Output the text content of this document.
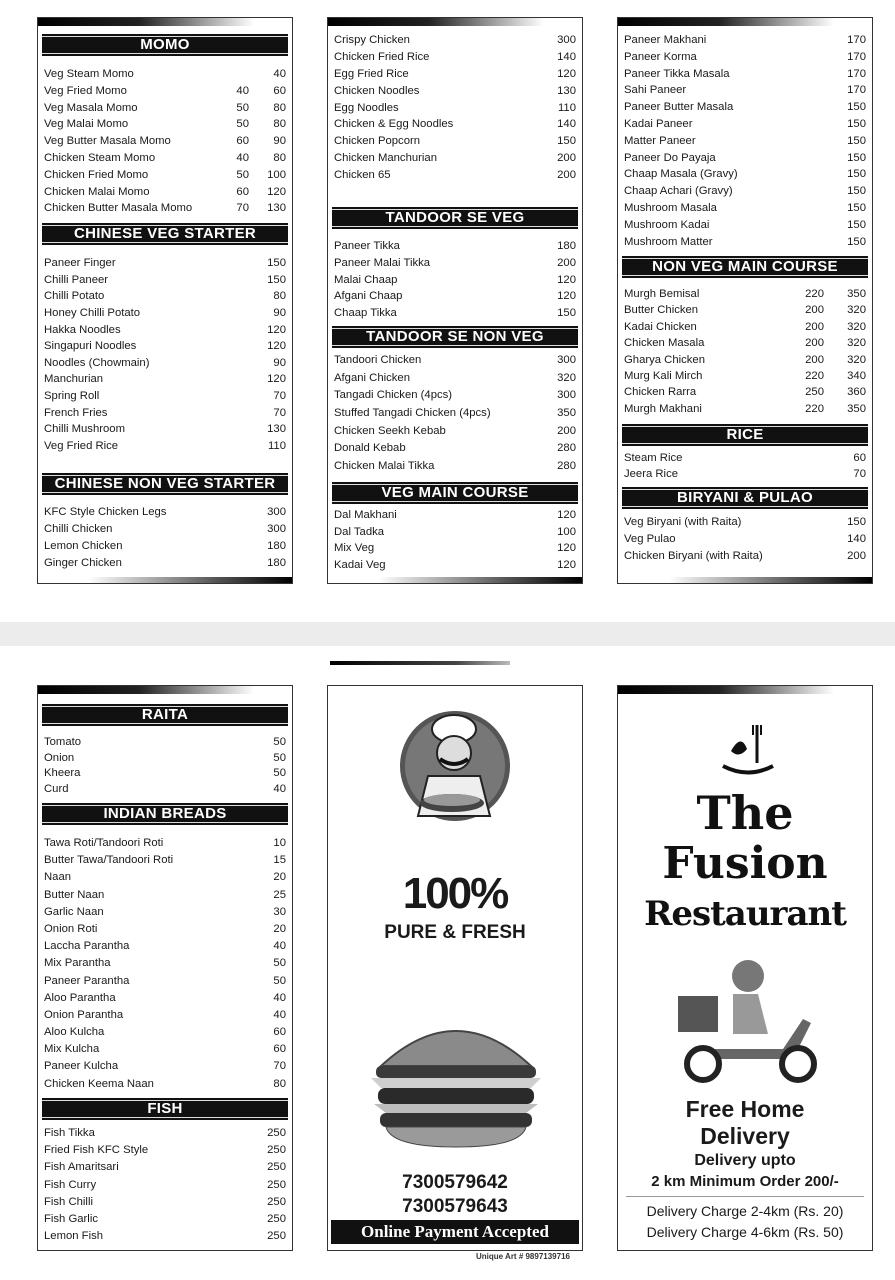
MOMO
Veg Steam Momo	40
Veg Fried Momo	40 60
Veg Masala Momo	50 80
Veg Malai Momo	50 80
Veg Butter Masala Momo	60 90
Chicken Steam Momo	40 80
Chicken Fried Momo	50 100
Chicken Malai Momo	60 120
Chicken Butter Masala Momo	70 130
CHINESE VEG STARTER
Paneer Finger	150
Chilli Paneer	150
Chilli Potato	80
Honey Chilli Potato	90
Hakka Noodles	120
Singapuri Noodles	120
Noodles (Chowmain)	90
Manchurian	120
Spring Roll	70
French Fries	70
Chilli Mushroom	130
Veg Fried Rice	110
CHINESE NON VEG STARTER
KFC Style Chicken Legs	300
Chilli Chicken	300
Lemon Chicken	180
Ginger Chicken	180
Crispy Chicken	300
Chicken Fried Rice	140
Egg Fried Rice	120
Chicken Noodles	130
Egg Noodles	110
Chicken & Egg Noodles	140
Chicken Popcorn	150
Chicken Manchurian	200
Chicken 65	200
TANDOOR SE VEG
Paneer Tikka	180
Paneer Malai Tikka	200
Malai Chaap	120
Afgani Chaap	120
Chaap Tikka	150
TANDOOR SE NON VEG
Tandoori Chicken	300
Afgani Chicken	320
Tangadi Chicken (4pcs)	300
Stuffed Tangadi Chicken (4pcs)	350
Chicken Seekh Kebab	200
Donald Kebab	280
Chicken Malai Tikka	280
VEG MAIN COURSE
Dal Makhani	120
Dal Tadka	100
Mix Veg	120
Kadai Veg	120
Paneer Makhani	170
Paneer Korma	170
Paneer Tikka Masala	170
Sahi Paneer	170
Paneer Butter Masala	150
Kadai Paneer	150
Matter Paneer	150
Paneer Do Payaja	150
Chaap Masala (Gravy)	150
Chaap Achari (Gravy)	150
Mushroom Masala	150
Mushroom Kadai	150
Mushroom Matter	150
NON VEG MAIN COURSE
Murgh Bemisal	220 350
Butter Chicken	200 320
Kadai Chicken	200 320
Chicken Masala	200 320
Gharya Chicken	200 320
Murg Kali Mirch	220 340
Chicken Rarra	250 360
Murgh Makhani	220 350
RICE
Steam Rice	60
Jeera Rice	70
BIRYANI & PULAO
Veg Biryani (with Raita)	150
Veg Pulao	140
Chicken Biryani (with Raita)	200
RAITA
Tomato	50
Onion	50
Kheera	50
Curd	40
INDIAN BREADS
Tawa Roti/Tandoori Roti	10
Butter Tawa/Tandoori Roti	15
Naan	20
Butter Naan	25
Garlic Naan	30
Onion Roti	20
Laccha Parantha	40
Mix Parantha	50
Paneer Parantha	50
Aloo Parantha	40
Onion Parantha	40
Aloo Kulcha	60
Mix Kulcha	60
Paneer Kulcha	70
Chicken Keema Naan	80
FISH
Fish Tikka	250
Fried Fish KFC Style	250
Fish Amaritsari	250
Fish Curry	250
Fish Chilli	250
Fish Garlic	250
Lemon Fish	250
100%
PURE & FRESH
7300579642
7300579643
Online Payment Accepted
Unique Art # 9897139716
The
Fusion
Restaurant
Free Home
Delivery
Delivery upto
2 km Minimum Order 200/-
Delivery Charge 2-4km (Rs. 20)
Delivery Charge 4-6km (Rs. 50)
